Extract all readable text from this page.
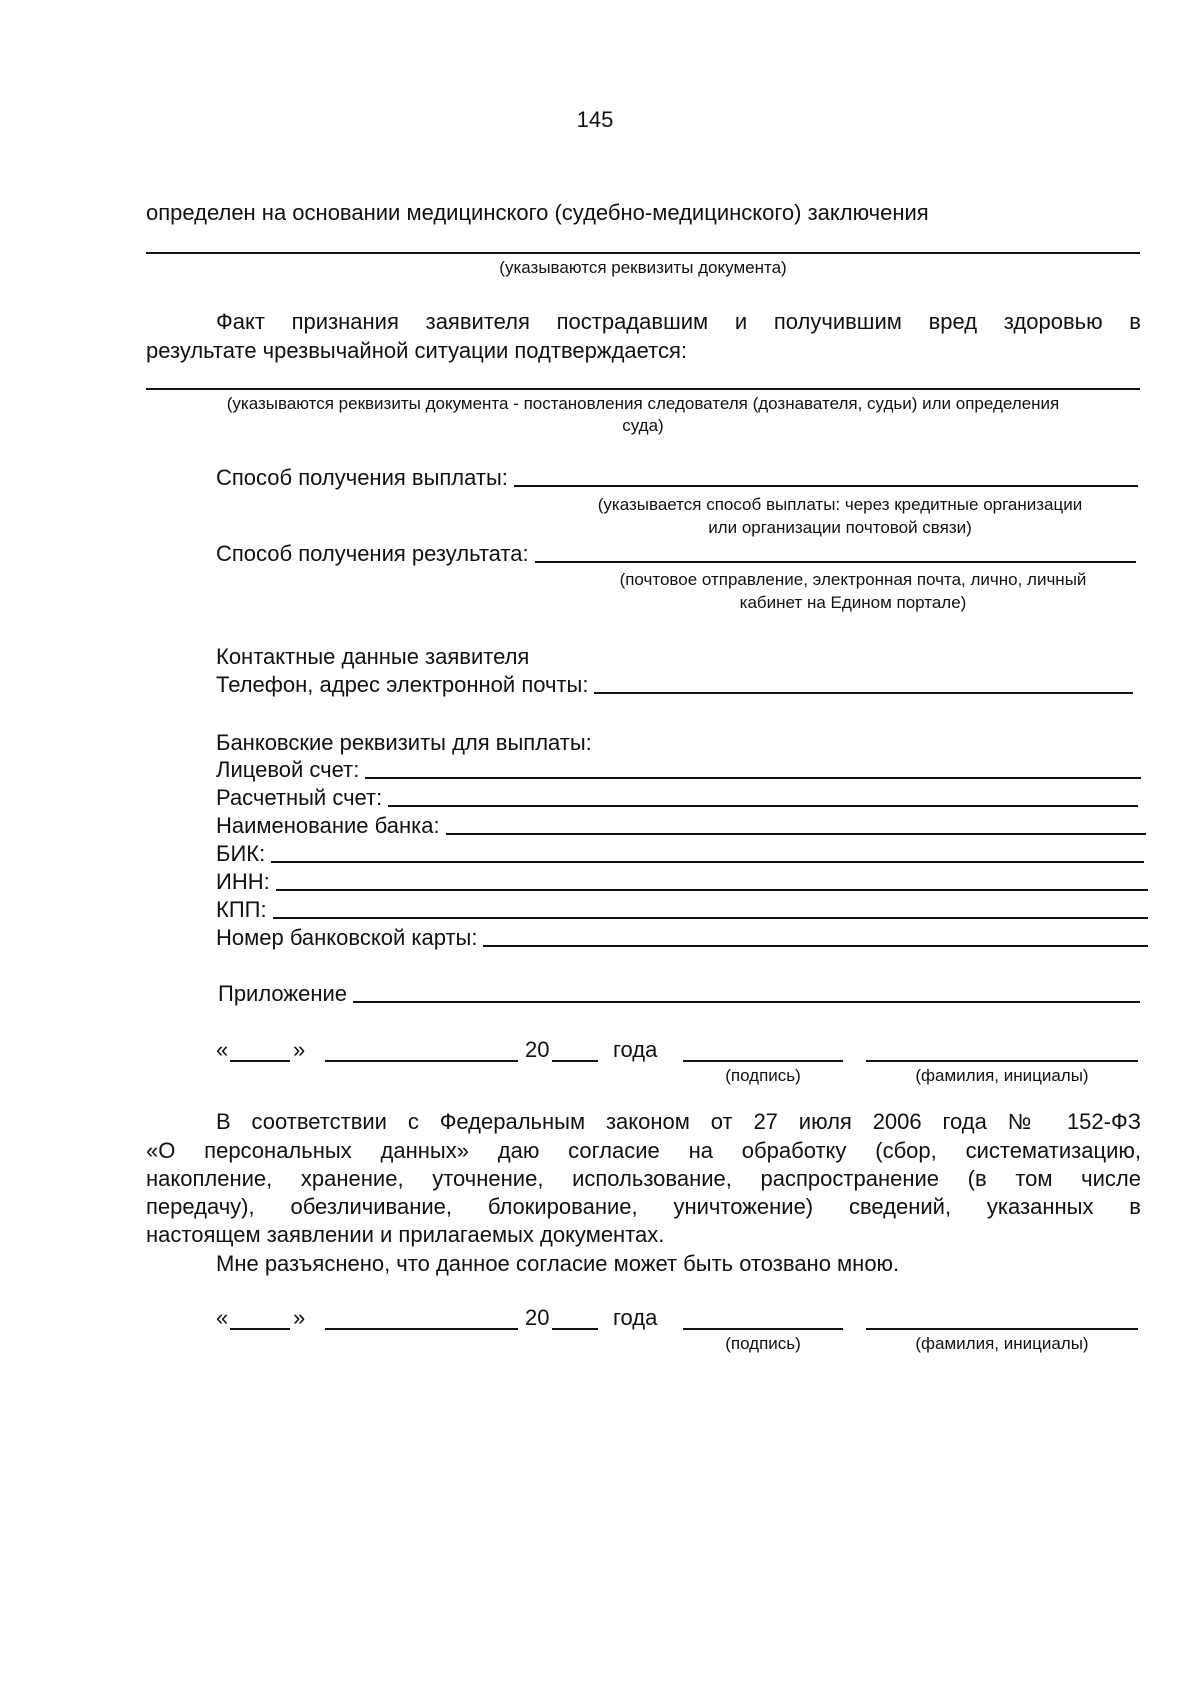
145
определен на основании медицинского (судебно-медицинского) заключения
(указываются реквизиты документа)
Факт признания заявителя пострадавшим и получившим вред здоровью в
результате чрезвычайной ситуации подтверждается:
(указываются реквизиты документа - постановления следователя (дознавателя, судьи) или определения
суда)
Способ получения выплаты:
(указывается способ выплаты: через кредитные организации
или организации почтовой связи)
Способ получения результата:
(почтовое отправление, электронная почта, лично, личный
кабинет на Едином портале)
Контактные данные заявителя
Телефон, адрес электронной почты:
Банковские реквизиты для выплаты:
Лицевой счет:
Расчетный счет:
Наименование банка:
БИК:
ИНН:
КПП:
Номер банковской карты:
Приложение
«	»	20	года
(подпись)	(фамилия, инициалы)
В соответствии с Федеральным законом от 27 июля 2006 года № 152-ФЗ
«О персональных данных» даю согласие на обработку (сбор, систематизацию,
накопление, хранение, уточнение, использование, распространение (в том числе
передачу), обезличивание, блокирование, уничтожение) сведений, указанных в
настоящем заявлении и прилагаемых документах.
Мне разъяснено, что данное согласие может быть отозвано мною.
«	»	20	года
(подпись)	(фамилия, инициалы)
